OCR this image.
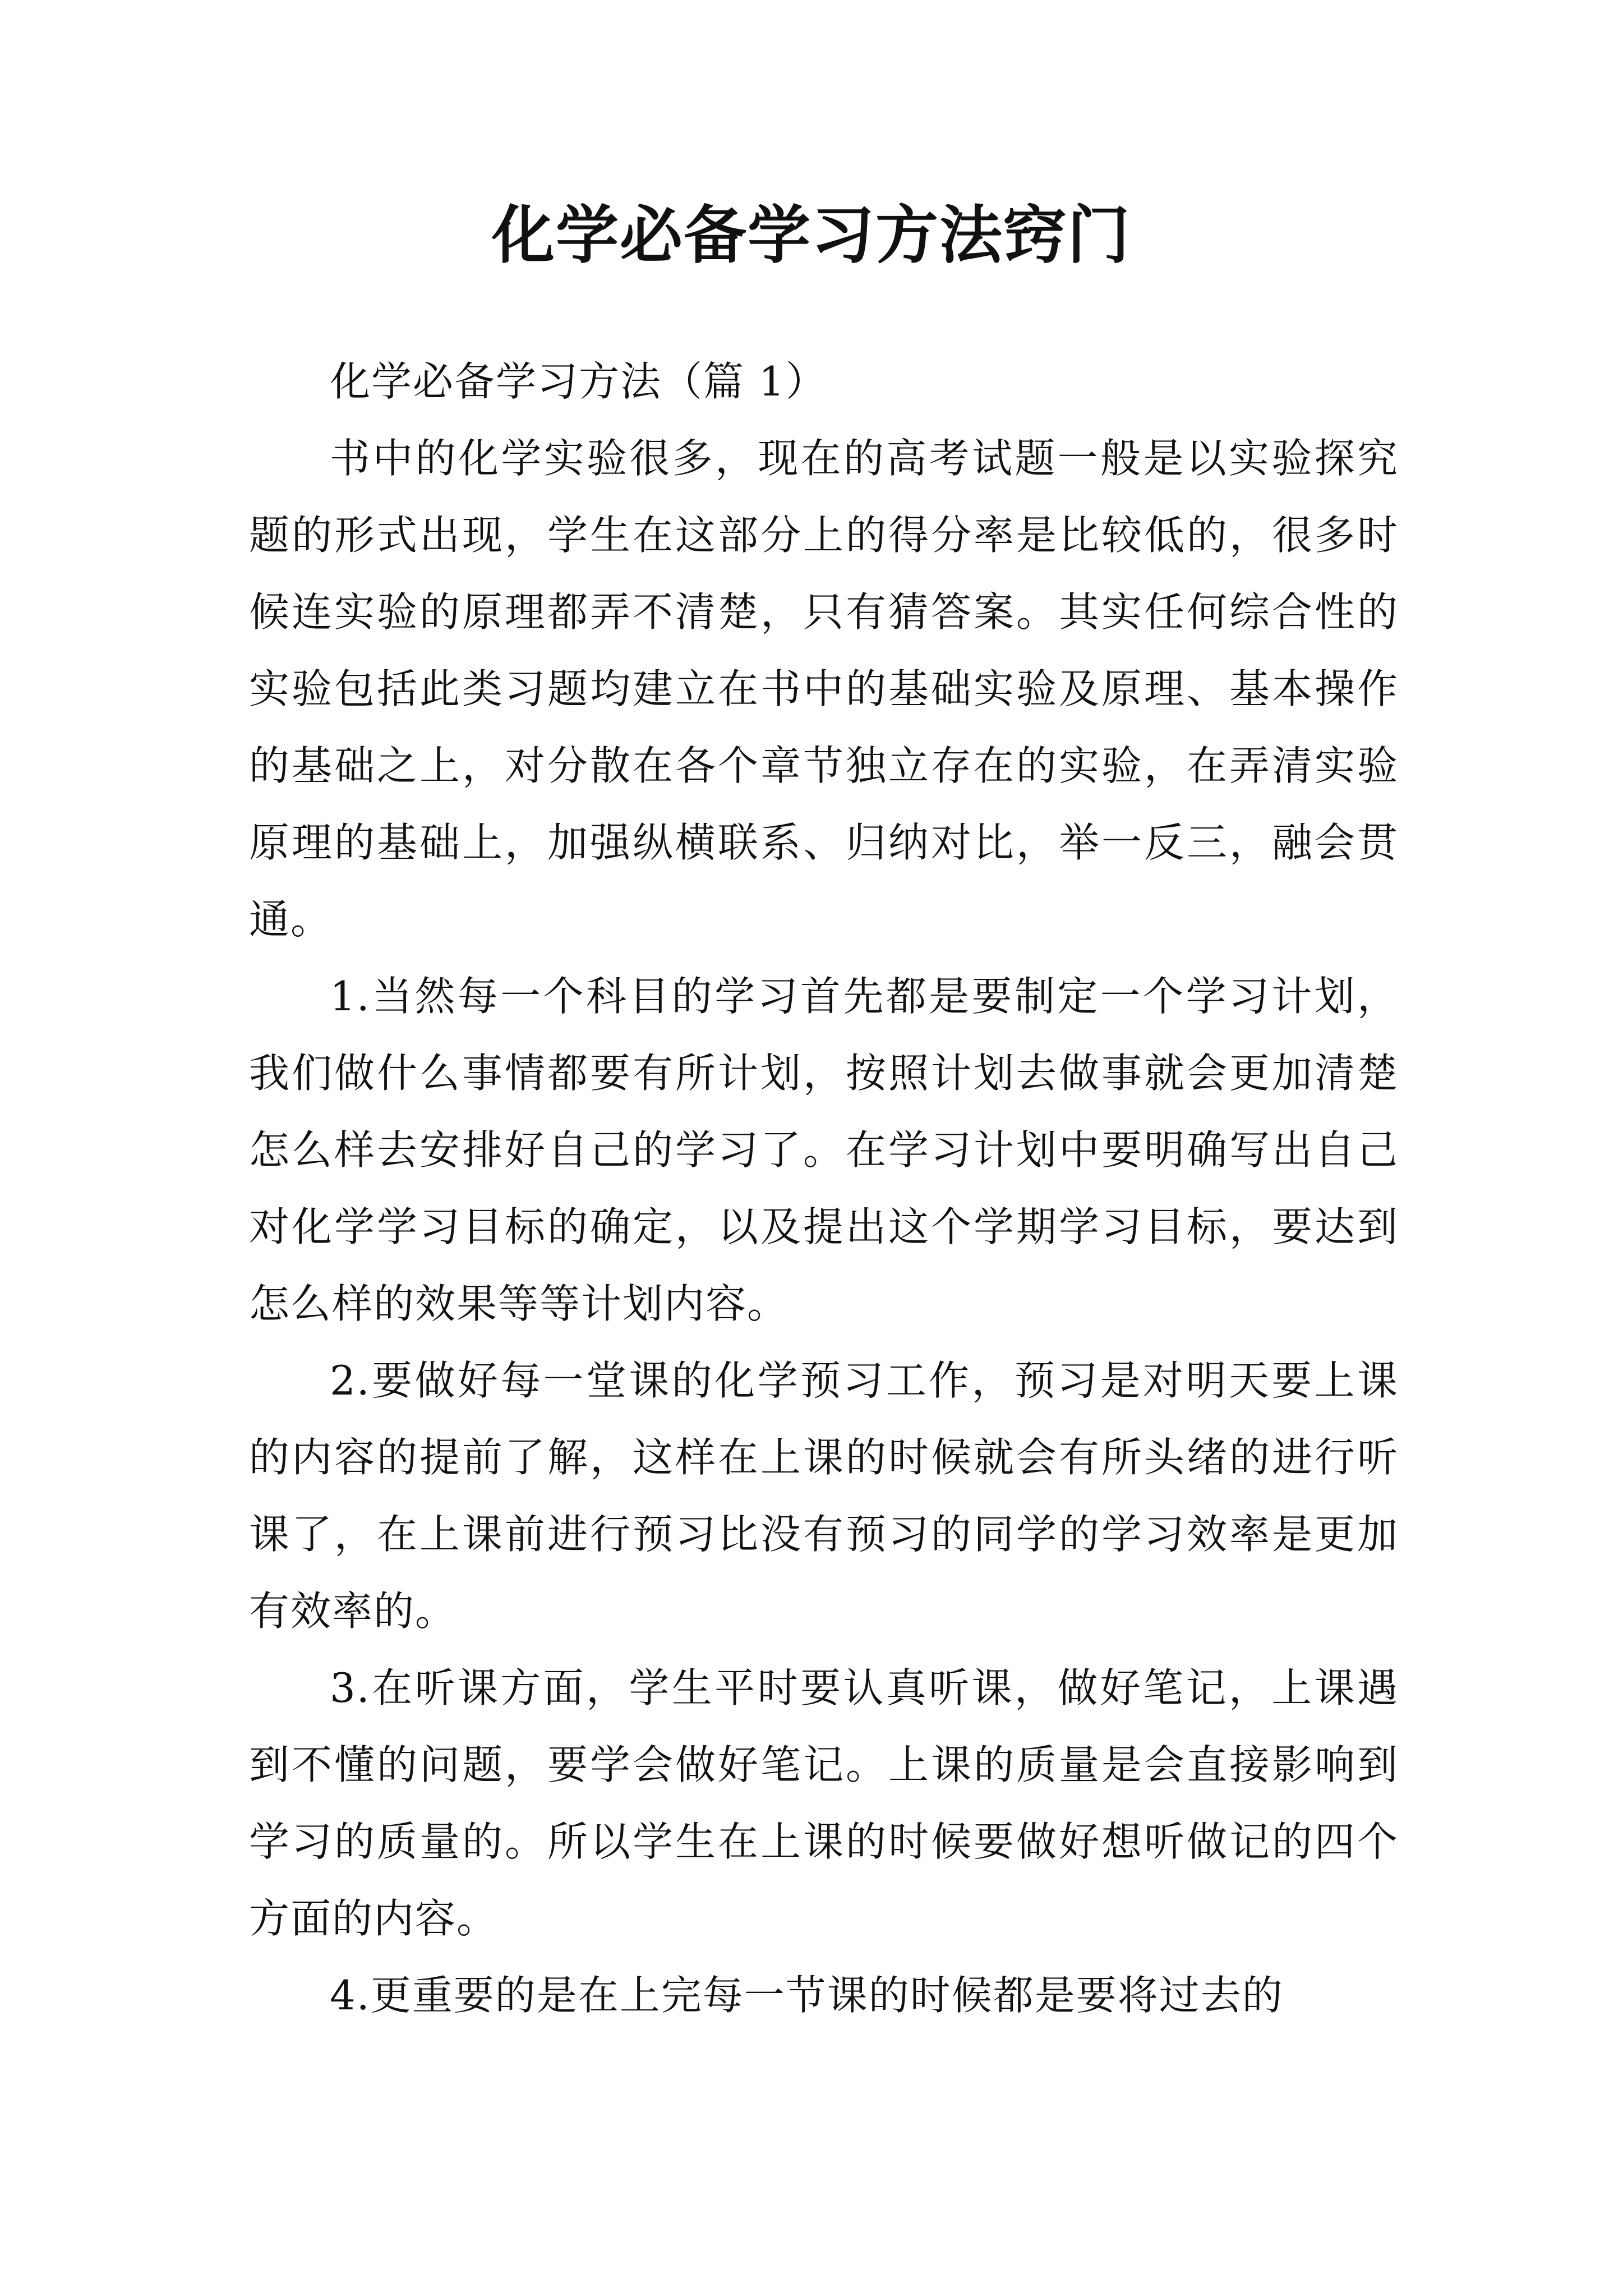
化学必备学习方法窍门

化学必备学习方法（篇 1）

书中的化学实验很多，现在的高考试题一般是以实验探究题的形式出现，学生在这部分上的得分率是比较低的，很多时候连实验的原理都弄不清楚，只有猜答案。其实任何综合性的实验包括此类习题均建立在书中的基础实验及原理、基本操作的基础之上，对分散在各个章节独立存在的实验，在弄清实验原理的基础上，加强纵横联系、归纳对比，举一反三，融会贯通。

1.当然每一个科目的学习首先都是要制定一个学习计划，我们做什么事情都要有所计划，按照计划去做事就会更加清楚怎么样去安排好自己的学习了。在学习计划中要明确写出自己对化学学习目标的确定，以及提出这个学期学习目标，要达到怎么样的效果等等计划内容。

2.要做好每一堂课的化学预习工作，预习是对明天要上课的内容的提前了解，这样在上课的时候就会有所头绪的进行听课了，在上课前进行预习比没有预习的同学的学习效率是更加有效率的。

3.在听课方面，学生平时要认真听课，做好笔记，上课遇到不懂的问题，要学会做好笔记。上课的质量是会直接影响到学习的质量的。所以学生在上课的时候要做好想听做记的四个方面的内容。

4.更重要的是在上完每一节课的时候都是要将过去的
